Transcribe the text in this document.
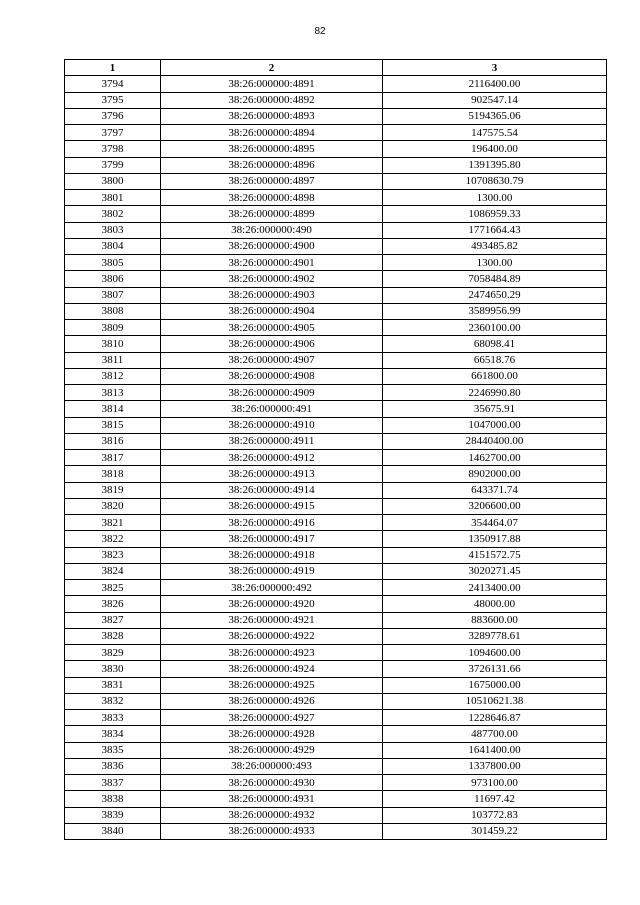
82
1	2	3
3794	38:26:000000:4891	2116400.00
3795	38:26:000000:4892	902547.14
3796	38:26:000000:4893	5194365.06
3797	38:26:000000:4894	147575.54
3798	38:26:000000:4895	196400.00
3799	38:26:000000:4896	1391395.80
3800	38:26:000000:4897	10708630.79
3801	38:26:000000:4898	1300.00
3802	38:26:000000:4899	1086959.33
3803	38:26:000000:490	1771664.43
3804	38:26:000000:4900	493485.82
3805	38:26:000000:4901	1300.00
3806	38:26:000000:4902	7058484.89
3807	38:26:000000:4903	2474650.29
3808	38:26:000000:4904	3589956.99
3809	38:26:000000:4905	2360100.00
3810	38:26:000000:4906	68098.41
3811	38:26:000000:4907	66518.76
3812	38:26:000000:4908	661800.00
3813	38:26:000000:4909	2246990.80
3814	38:26:000000:491	35675.91
3815	38:26:000000:4910	1047000.00
3816	38:26:000000:4911	28440400.00
3817	38:26:000000:4912	1462700.00
3818	38:26:000000:4913	8902000.00
3819	38:26:000000:4914	643371.74
3820	38:26:000000:4915	3206600.00
3821	38:26:000000:4916	354464.07
3822	38:26:000000:4917	1350917.88
3823	38:26:000000:4918	4151572.75
3824	38:26:000000:4919	3020271.45
3825	38:26:000000:492	2413400.00
3826	38:26:000000:4920	48000.00
3827	38:26:000000:4921	883600.00
3828	38:26:000000:4922	3289778.61
3829	38:26:000000:4923	1094600.00
3830	38:26:000000:4924	3726131.66
3831	38:26:000000:4925	1675000.00
3832	38:26:000000:4926	10510621.38
3833	38:26:000000:4927	1228646.87
3834	38:26:000000:4928	487700.00
3835	38:26:000000:4929	1641400.00
3836	38:26:000000:493	1337800.00
3837	38:26:000000:4930	973100.00
3838	38:26:000000:4931	11697.42
3839	38:26:000000:4932	103772.83
3840	38:26:000000:4933	301459.22
